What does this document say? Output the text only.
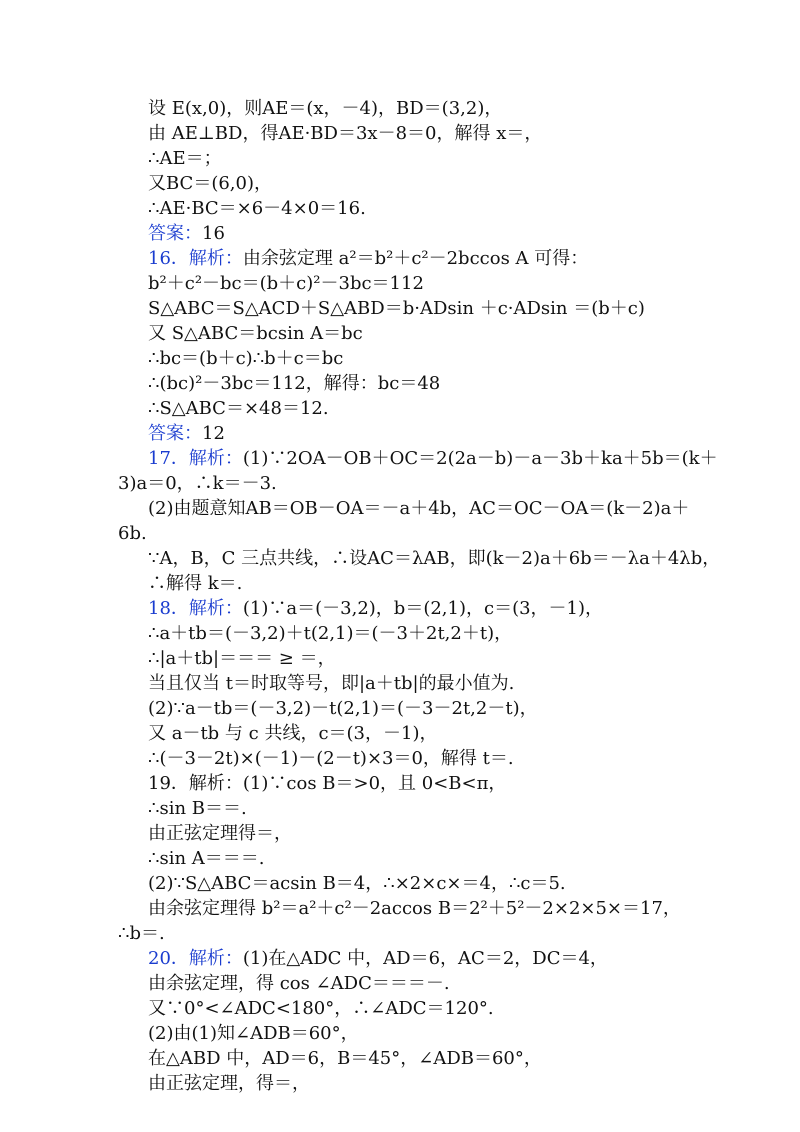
设 E(x,0)，则AE＝(x，－4)，BD＝(3,2)，
由 AE⊥BD，得AE·BD＝3x－8＝0，解得 x＝，
∴AE＝；
又BC＝(6,0)，
∴AE·BC＝×6－4×0＝16.
答案：16
16．解析：由余弦定理 a²＝b²＋c²－2bccos A 可得：
b²＋c²－bc＝(b＋c)²－3bc＝112
S△ABC＝S△ACD＋S△ABD＝b·ADsin ＋c·ADsin ＝(b＋c)
又 S△ABC＝bcsin A＝bc
∴bc＝(b＋c)∴b＋c＝bc
∴(bc)²－3bc＝112，解得：bc＝48
∴S△ABC＝×48＝12.
答案：12
17．解析：(1)∵2OA－OB＋OC＝2(2a－b)－a－3b＋ka＋5b＝(k＋
3)a＝0，∴k＝－3.
(2)由题意知AB＝OB－OA＝－a＋4b，AC＝OC－OA＝(k－2)a＋
6b.
∵A，B，C 三点共线，∴设AC＝λAB，即(k－2)a＋6b＝－λa＋4λb，
∴解得 k＝.
18．解析：(1)∵a＝(－3,2)，b＝(2,1)，c＝(3，－1)，
∴a＋tb＝(－3,2)＋t(2,1)＝(－3＋2t,2＋t)，
∴|a＋tb|＝＝＝ ≥ ＝，
当且仅当 t＝时取等号，即|a＋tb|的最小值为.
(2)∵a－tb＝(－3,2)－t(2,1)＝(－3－2t,2－t)，
又 a－tb 与 c 共线，c＝(3，－1)，
∴(－3－2t)×(－1)－(2－t)×3＝0，解得 t＝.
19．解析：(1)∵cos B＝>0，且 0<B<π，
∴sin B＝＝.
由正弦定理得＝，
∴sin A＝＝＝.
(2)∵S△ABC＝acsin B＝4，∴×2×c×＝4，∴c＝5.
由余弦定理得 b²＝a²＋c²－2accos B＝2²＋5²－2×2×5×＝17，
∴b＝.
20．解析：(1)在△ADC 中，AD＝6，AC＝2，DC＝4，
由余弦定理，得 cos ∠ADC＝＝＝－.
又∵0°<∠ADC<180°，∴∠ADC＝120°.
(2)由(1)知∠ADB＝60°，
在△ABD 中，AD＝6，B＝45°，∠ADB＝60°，
由正弦定理，得＝，
